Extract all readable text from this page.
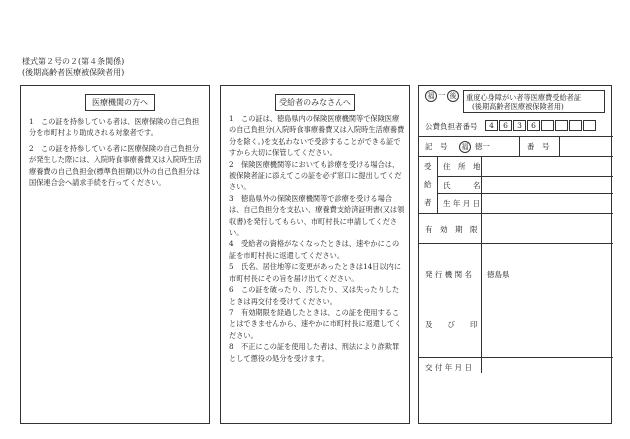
様式第２号の２(第４条関係)
(後期高齢者医療被保険者用)
医療機関の方へ

1 この証を持参している者は、医療保険の自己負担分を市町村より助成される対象者です。

2 この証を持参している者に医療保険の自己負担分が発生した際には、入院時食事療養費又は入院時生活療養費の自己負担金(標準負担額)以外の自己負担分は国保連合会へ請求手続を行ってください。

受給者のみなさんへ

1 この証は、徳島県内の保険医療機関等で保険医療の自己負担分(入院時食事療養費又は入院時生活療養費分を除く。)を支払わないで受診することができる証ですから大切に保管してください。

2 保険医療機関等においても診療を受ける場合は、被保険者証に添えてこの証を必ず窓口に提出してください。

3 徳島県外の保険医療機関等で診療を受ける場合は、自己負担分を支払い、療養費支給済証明書(又は領収書)を発行してもらい、市町村長に申請してください。

4 受給者の資格がなくなったときは、速やかにこの証を市町村長に返還してください。

5 氏名、居住地等に変更があったときは14日以内に市町村長にその旨を届け出てください。

6 この証を破ったり、汚したり、又は失ったりしたときは再交付を受けてください。

7 有効期限を経過したときは、この証を使用することはできませんから、速やかに市町村長に返還してください。

8 不正にこの証を使用した者は、刑法により詐欺罪として懲役の処分を受けます。

福 一 後	重度心身障がい者等医療費受給者証
(後期高齢者医療被保険者用)
公費負担者番号	4	6	3	6
記　号	福 徳一	番　号
受
給
者
住　所　地
氏　　　名
生 年 月 日
有　効　期　限
発 行 機 関 名 徳島県
及　　び　　印
交 付 年 月 日
